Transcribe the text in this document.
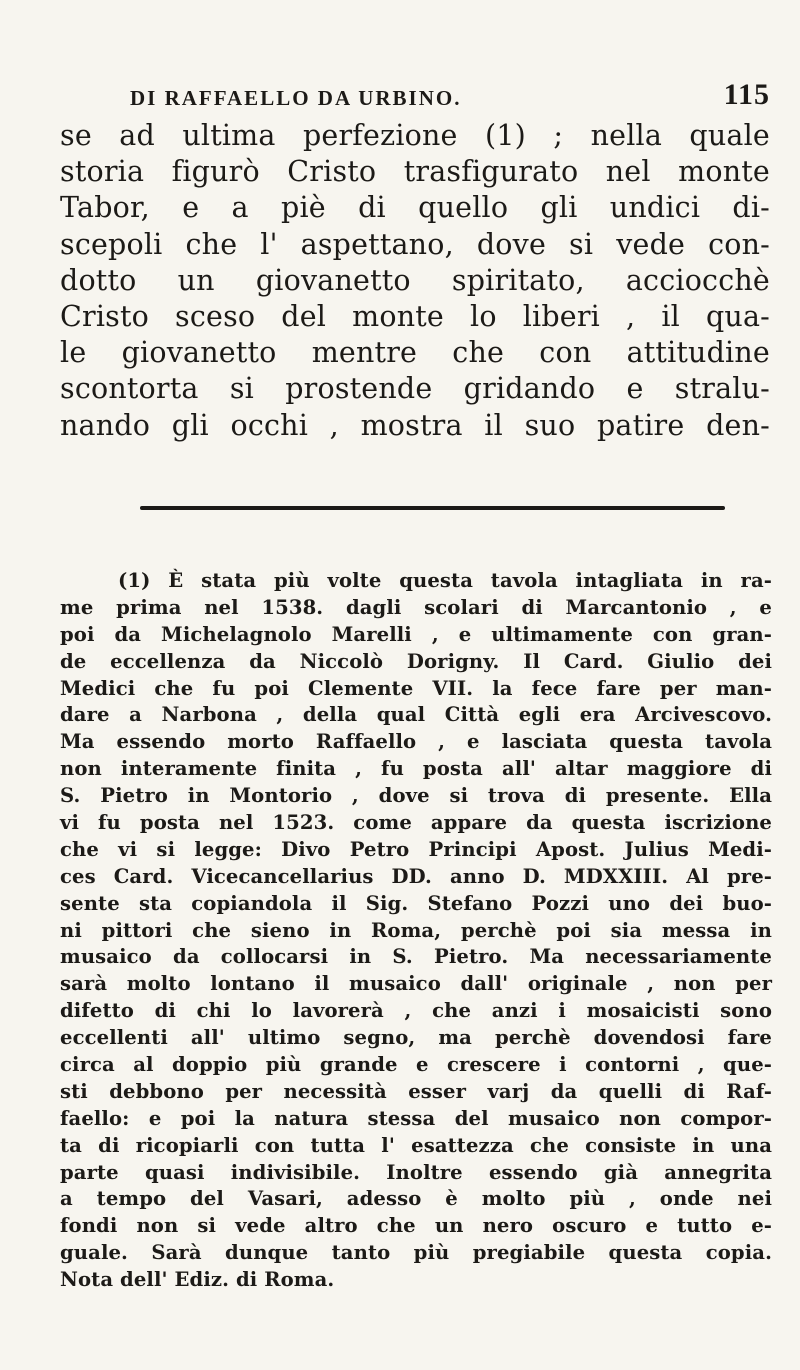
DI RAFFAELLO DA URBINO.	115
se ad ultima perfezione (1) ; nella quale
storia figurò Cristo trasfigurato nel monte
Tabor, e a piè di quello gli undici di-
scepoli che l' aspettano, dove si vede con-
dotto un giovanetto spiritato, acciocchè
Cristo sceso del monte lo liberi , il qua-
le giovanetto mentre che con attitudine
scontorta si prostende gridando e stralu-
nando gli occhi , mostra il suo patire den-
(1) È stata più volte questa tavola intagliata in ra-
me prima nel 1538. dagli scolari di Marcantonio , e
poi da Michelagnolo Marelli , e ultimamente con gran-
de eccellenza da Niccolò Dorigny. Il Card. Giulio dei
Medici che fu poi Clemente VII. la fece fare per man-
dare a Narbona , della qual Città egli era Arcivescovo.
Ma essendo morto Raffaello , e lasciata questa tavola
non interamente finita , fu posta all' altar maggiore di
S. Pietro in Montorio , dove si trova di presente. Ella
vi fu posta nel 1523. come appare da questa iscrizione
che vi si legge: Divo Petro Principi Apost. Julius Medi-
ces Card. Vicecancellarius DD. anno D. MDXXIII. Al pre-
sente sta copiandola il Sig. Stefano Pozzi uno dei buo-
ni pittori che sieno in Roma, perchè poi sia messa in
musaico da collocarsi in S. Pietro. Ma necessariamente
sarà molto lontano il musaico dall' originale , non per
difetto di chi lo lavorerà , che anzi i mosaicisti sono
eccellenti all' ultimo segno, ma perchè dovendosi fare
circa al doppio più grande e crescere i contorni , que-
sti debbono per necessità esser varj da quelli di Raf-
faello: e poi la natura stessa del musaico non compor-
ta di ricopiarli con tutta l' esattezza che consiste in una
parte quasi indivisibile. Inoltre essendo già annegrita
a tempo del Vasari, adesso è molto più , onde nei
fondi non si vede altro che un nero oscuro e tutto e-
guale. Sarà dunque tanto più pregiabile questa copia.
Nota dell' Ediz. di Roma.
